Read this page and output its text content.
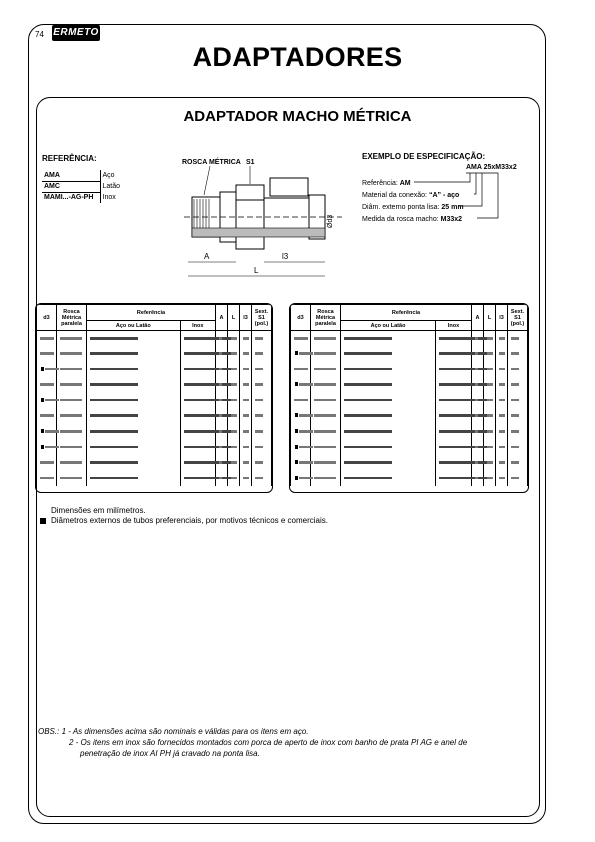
74 ERMETO
ADAPTADORES
ADAPTADOR MACHO MÉTRICA
REFERÊNCIA:
AMA	Aço
AMC	Latão
MAMI...-AG-PH	Inox
EXEMPLO DE ESPECIFICAÇÃO:
AMA 25xM33x2
Referência: AM
Material da conexão: “A” - aço
Diâm. externo ponta lisa: 25 mm
Medida da rosca macho: M33x2
ROSCA MÉTRICA S1
Ød3
A	l3
L
d3	Rosca Métrica paralela	Referência		A	L	l3	Sext. S1 (pol.)
		Aço ou Latão	Inox				

d3	Rosca Métrica paralela	Referência		A	L	l3	Sext. S1 (pol.)
		Aço ou Latão	Inox				

Dimensões em milímetros.
Diâmetros externos de tubos preferenciais, por motivos técnicos e comerciais.
OBS.: 1 - As dimensões acima são nominais e válidas para os itens em aço.
2 - Os itens em inox são fornecidos montados com porca de aperto de inox com banho de prata PI AG e anel de
penetração de inox AI PH já cravado na ponta lisa.
